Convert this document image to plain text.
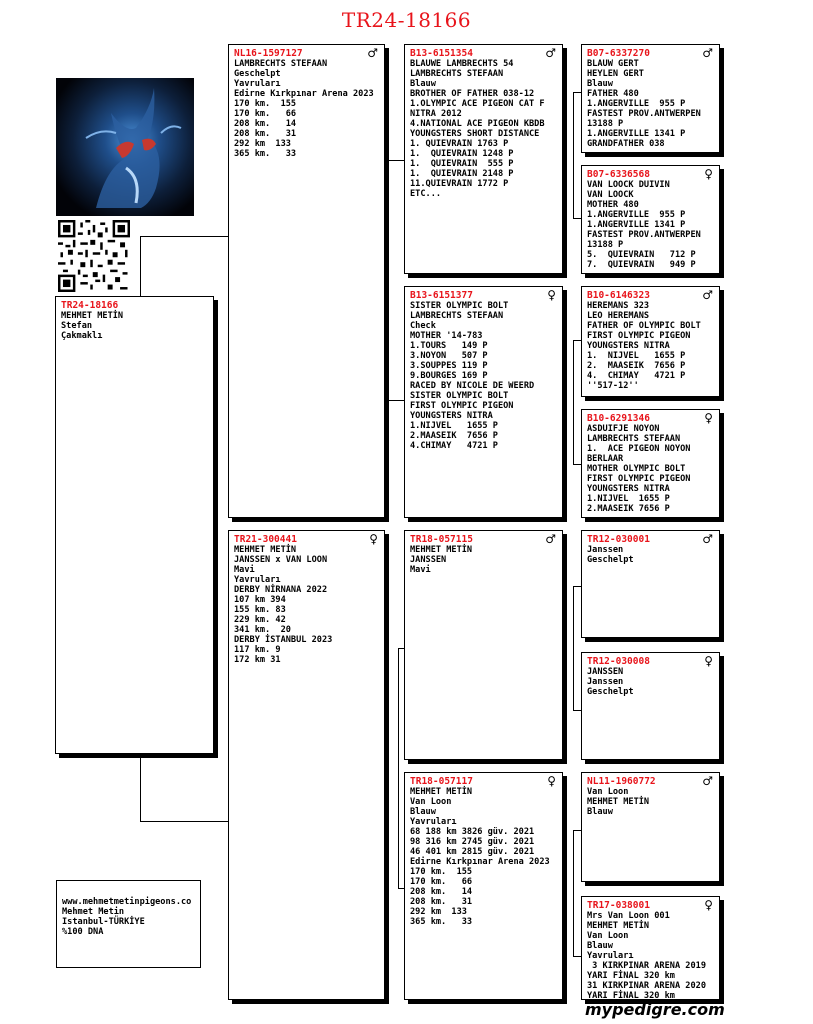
TR24-18166
TR24-18166
MEHMET METİN
Stefan
Çakmaklı
NL16-1597127	♂
LAMBRECHTS STEFAAN
Geschelpt
Yavruları
Edirne Kırkpınar Arena 2023
170 km.  155
170 km.   66
208 km.   14
208 km.   31
292 km  133
365 km.   33
TR21-300441	♀
MEHMET METİN
JANSSEN x VAN LOON
Mavi
Yavruları
DERBY NİRNANA 2022
107 km 394
155 km. 83
229 km. 42
341 km.  20
DERBY İSTANBUL 2023
117 km. 9
172 km 31
B13-6151354	♂
BLAUWE LAMBRECHTS 54
LAMBRECHTS STEFAAN
Blauw
BROTHER OF FATHER 038-12
1.OLYMPIC ACE PIGEON CAT F
NITRA 2012
4.NATIONAL ACE PIGEON KBDB
YOUNGSTERS SHORT DISTANCE
1. QUIEVRAIN 1763 P
1.  QUIEVRAIN 1248 P
1.  QUIEVRAIN  555 P
1.  QUIEVRAIN 2148 P
11.QUIEVRAIN 1772 P
ETC...
B13-6151377	♀
SISTER OLYMPIC BOLT
LAMBRECHTS STEFAAN
Check
MOTHER '14-783
1.TOURS   149 P
3.NOYON   507 P
3.SOUPPES 119 P
9.BOURGES 169 P
RACED BY NICOLE DE WEERD
SISTER OLYMPIC BOLT
FIRST OLYMPIC PIGEON
YOUNGSTERS NITRA
1.NIJVEL   1655 P
2.MAASEIK  7656 P
4.CHIMAY   4721 P
TR18-057115	♂
MEHMET METİN
JANSSEN
Mavi
TR18-057117	♀
MEHMET METİN
Van Loon
Blauw
Yavruları
68 188 km 3826 güv. 2021
98 316 km 2745 güv. 2021
46 401 km 2815 güv. 2021
Edirne Kırkpınar Arena 2023
170 km.  155
170 km.   66
208 km.   14
208 km.   31
292 km  133
365 km.   33
B07-6337270	♂
BLAUW GERT
HEYLEN GERT
Blauw
FATHER 480
1.ANGERVILLE  955 P
FASTEST PROV.ANTWERPEN
13188 P
1.ANGERVILLE 1341 P
GRANDFATHER 038
B07-6336568	♀
VAN LOOCK DUIVIN
VAN LOOCK
MOTHER 480
1.ANGERVILLE  955 P
1.ANGERVILLE 1341 P
FASTEST PROV.ANTWERPEN
13188 P
5.  QUIEVRAIN   712 P
7.  QUIEVRAIN   949 P
B10-6146323	♂
HEREMANS 323
LEO HEREMANS
FATHER OF OLYMPIC BOLT
FIRST OLYMPIC PIGEON
YOUNGSTERS NITRA
1.  NIJVEL   1655 P
2.  MAASEIK  7656 P
4.  CHIMAY   4721 P
''517-12''
B10-6291346	♀
ASDUIFJE NOYON
LAMBRECHTS STEFAAN
1.  ACE PIGEON NOYON
BERLAAR
MOTHER OLYMPIC BOLT
FIRST OLYMPIC PIGEON
YOUNGSTERS NITRA
1.NIJVEL  1655 P
2.MAASEIK 7656 P
TR12-030001	♂
Janssen
Geschelpt
TR12-030008	♀
JANSSEN
Janssen
Geschelpt
NL11-1960772	♂
Van Loon
MEHMET METİN
Blauw
TR17-038001	♀
Mrs Van Loon 001
MEHMET METİN
Van Loon
Blauw
Yavruları
3 KIRKPINAR ARENA 2019
YARI FİNAL 320 km
31 KIRKPINAR ARENA 2020
YARI FİNAL 320 km
www.mehmetmetinpigeons.co
Mehmet Metin
Istanbul-TÜRKİYE
%100 DNA
mypedigre.com
